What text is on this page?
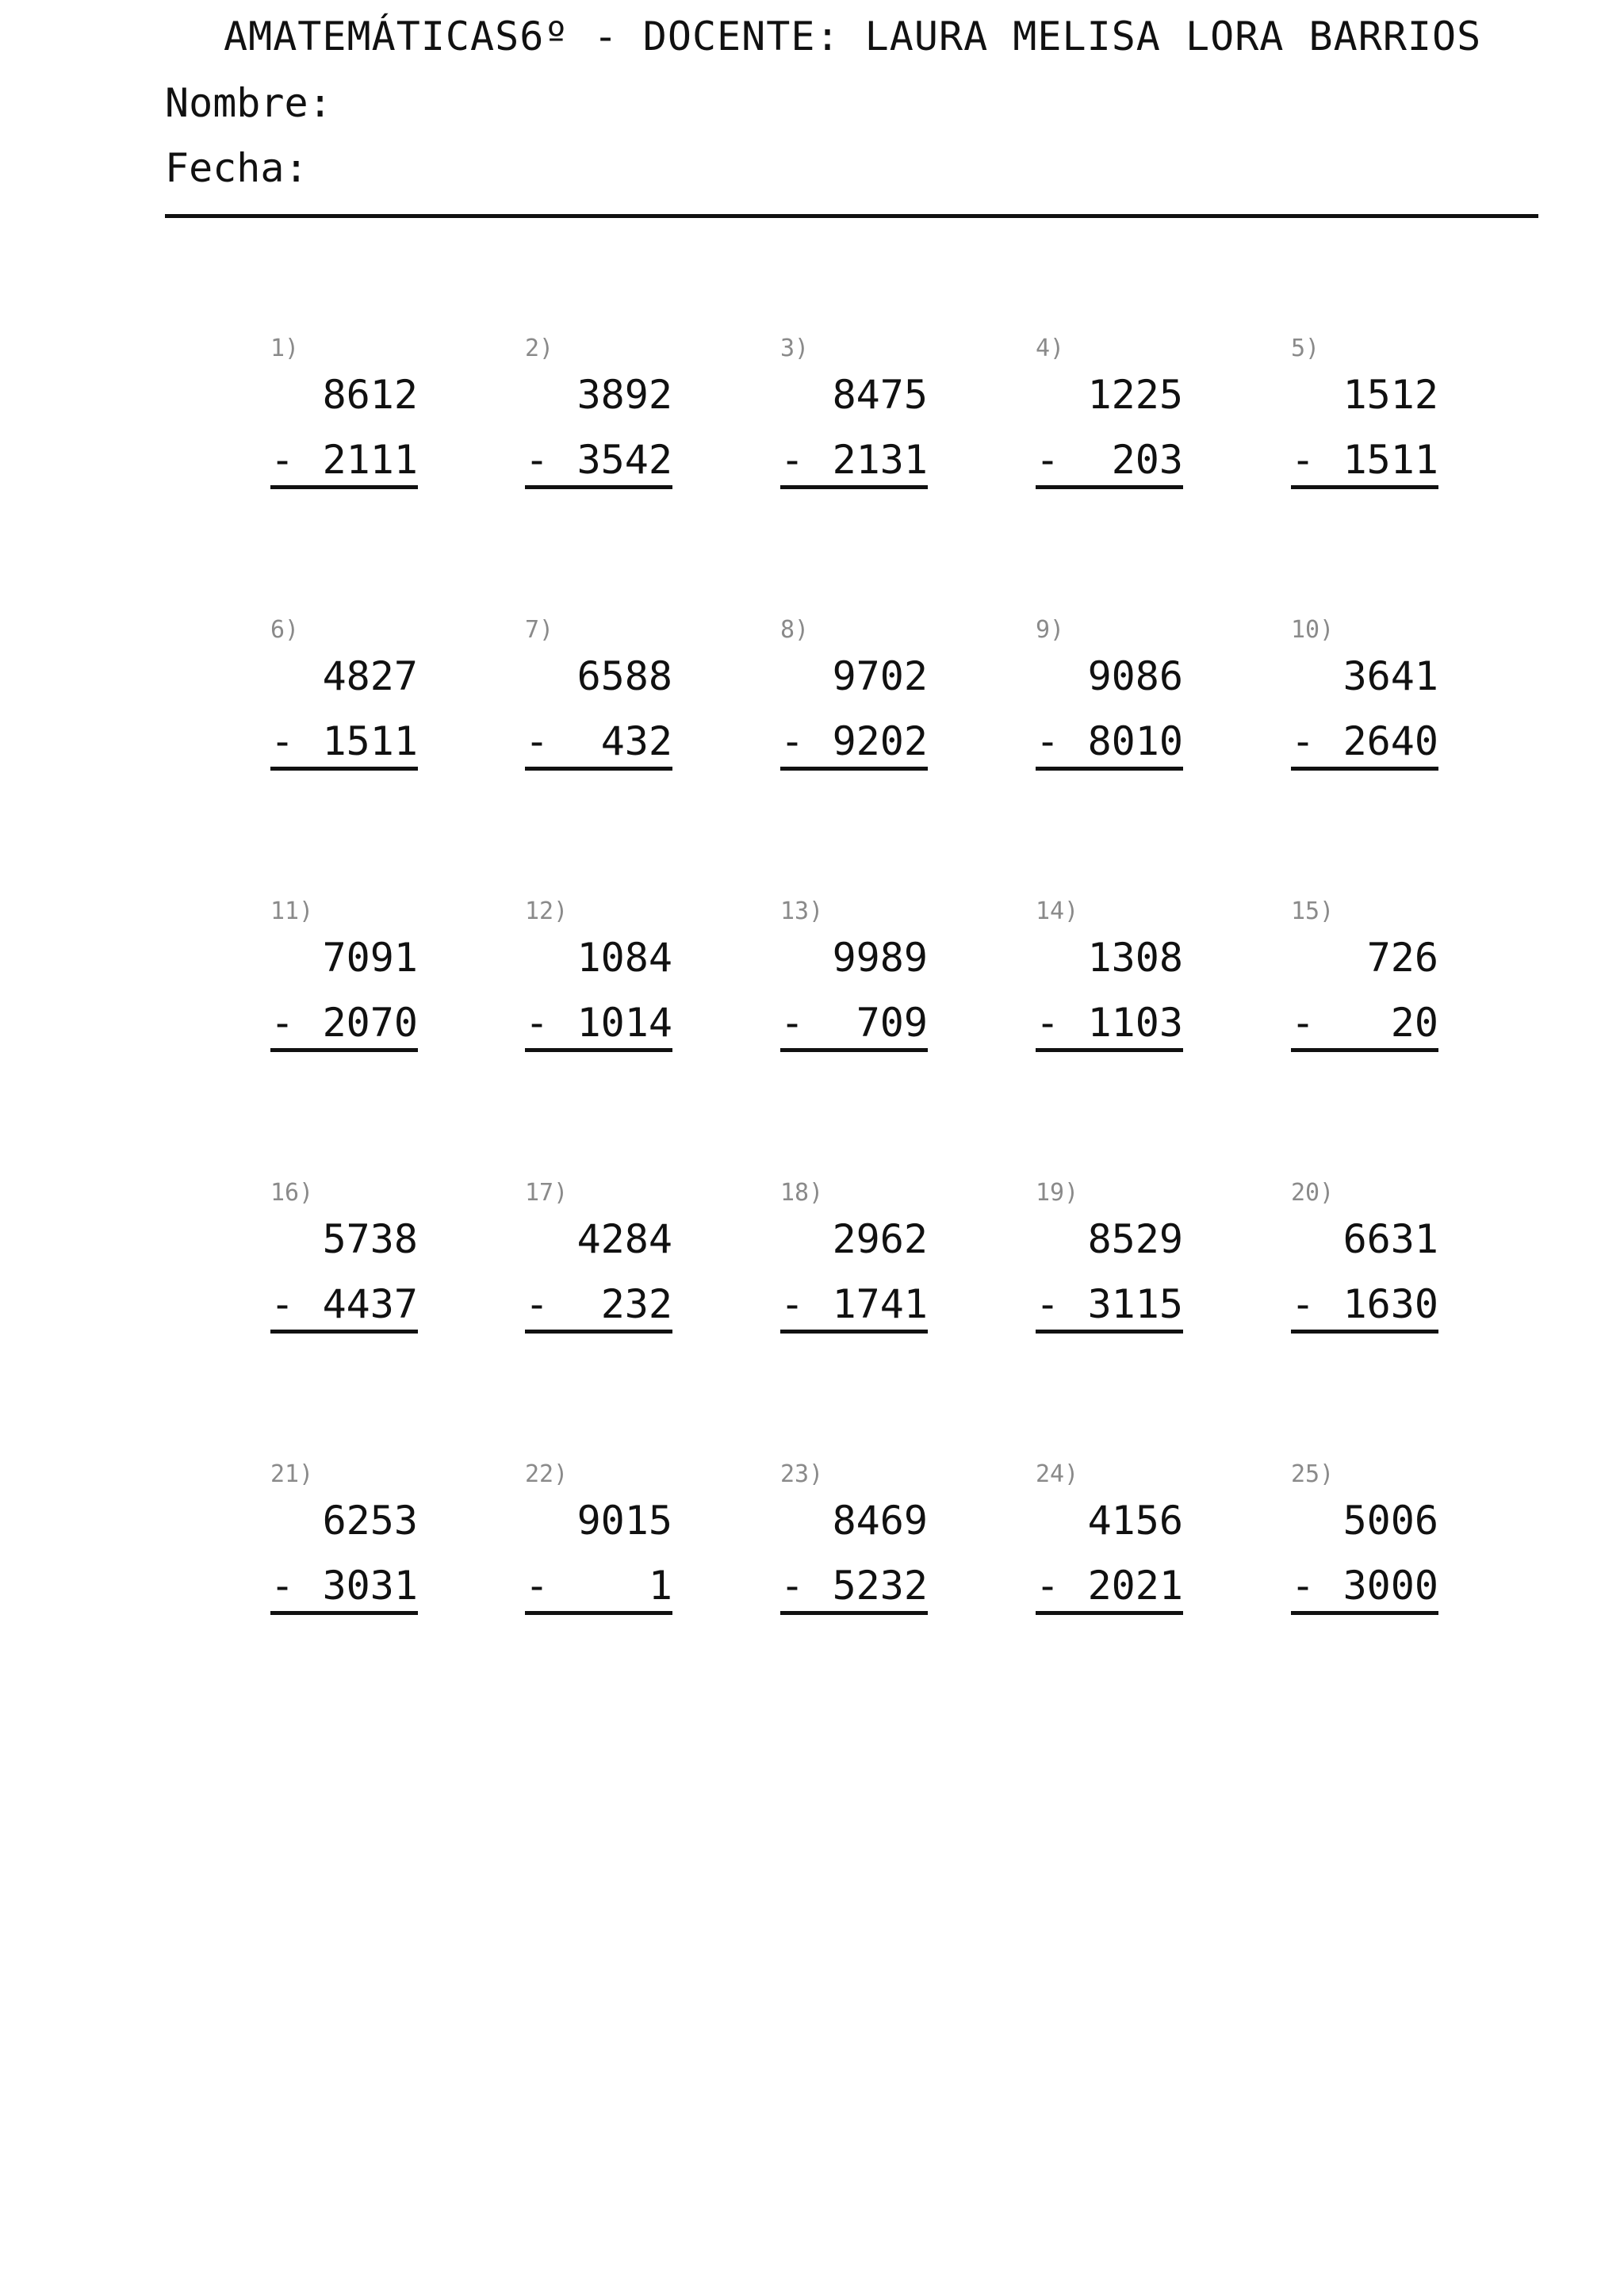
AMATEMÁTICAS6º - DOCENTE: LAURA MELISA LORA BARRIOS
Nombre:
Fecha:
1)
8612
- 2111
2)
3892
- 3542
3)
8475
- 2131
4)
1225
- 203
5)
1512
- 1511
6)
4827
- 1511
7)
6588
- 432
8)
9702
- 9202
9)
9086
- 8010
10)
3641
- 2640
11)
7091
- 2070
12)
1084
- 1014
13)
9989
- 709
14)
1308
- 1103
15)
726
- 20
16)
5738
- 4437
17)
4284
- 232
18)
2962
- 1741
19)
8529
- 3115
20)
6631
- 1630
21)
6253
- 3031
22)
9015
-	1
23)
8469
- 5232
24)
4156
- 2021
25)
5006
- 3000
